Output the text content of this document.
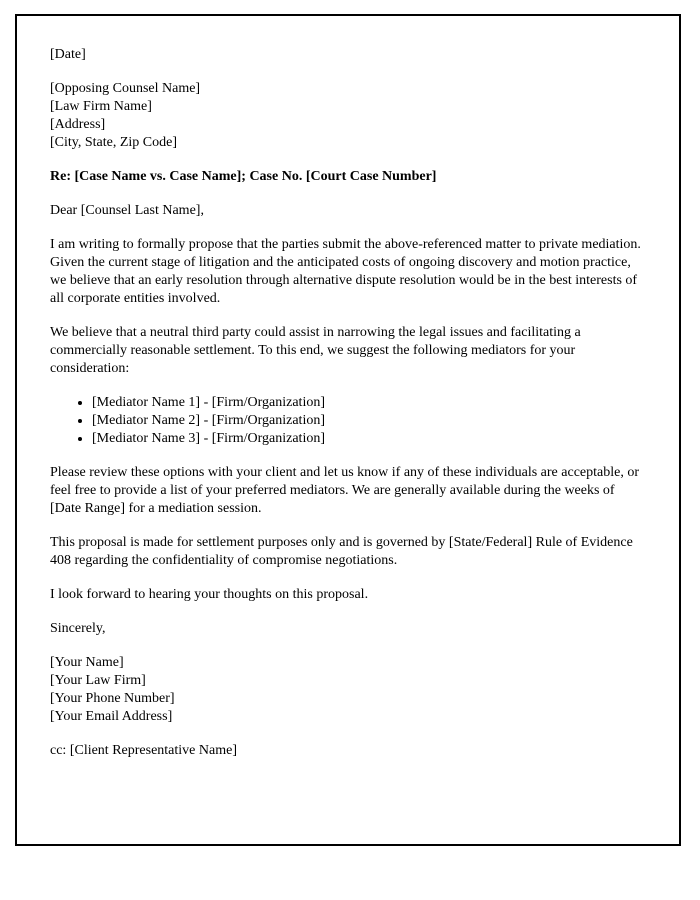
[Date]

[Opposing Counsel Name]

[Law Firm Name]

[Address]

[City, State, Zip Code]

Re: [Case Name vs. Case Name]; Case No. [Court Case Number]

Dear [Counsel Last Name],

I am writing to formally propose that the parties submit the above-referenced matter to private mediation. Given the current stage of litigation and the anticipated costs of ongoing discovery and motion practice, we believe that an early resolution through alternative dispute resolution would be in the best interests of all corporate entities involved.

We believe that a neutral third party could assist in narrowing the legal issues and facilitating a commercially reasonable settlement. To this end, we suggest the following mediators for your consideration:

• [Mediator Name 1] - [Firm/Organization]
• [Mediator Name 2] - [Firm/Organization]
• [Mediator Name 3] - [Firm/Organization]

Please review these options with your client and let us know if any of these individuals are acceptable, or feel free to provide a list of your preferred mediators. We are generally available during the weeks of [Date Range] for a mediation session.

This proposal is made for settlement purposes only and is governed by [State/Federal] Rule of Evidence 408 regarding the confidentiality of compromise negotiations.

I look forward to hearing your thoughts on this proposal.

Sincerely,

[Your Name]

[Your Law Firm]

[Your Phone Number]

[Your Email Address]

cc: [Client Representative Name]
